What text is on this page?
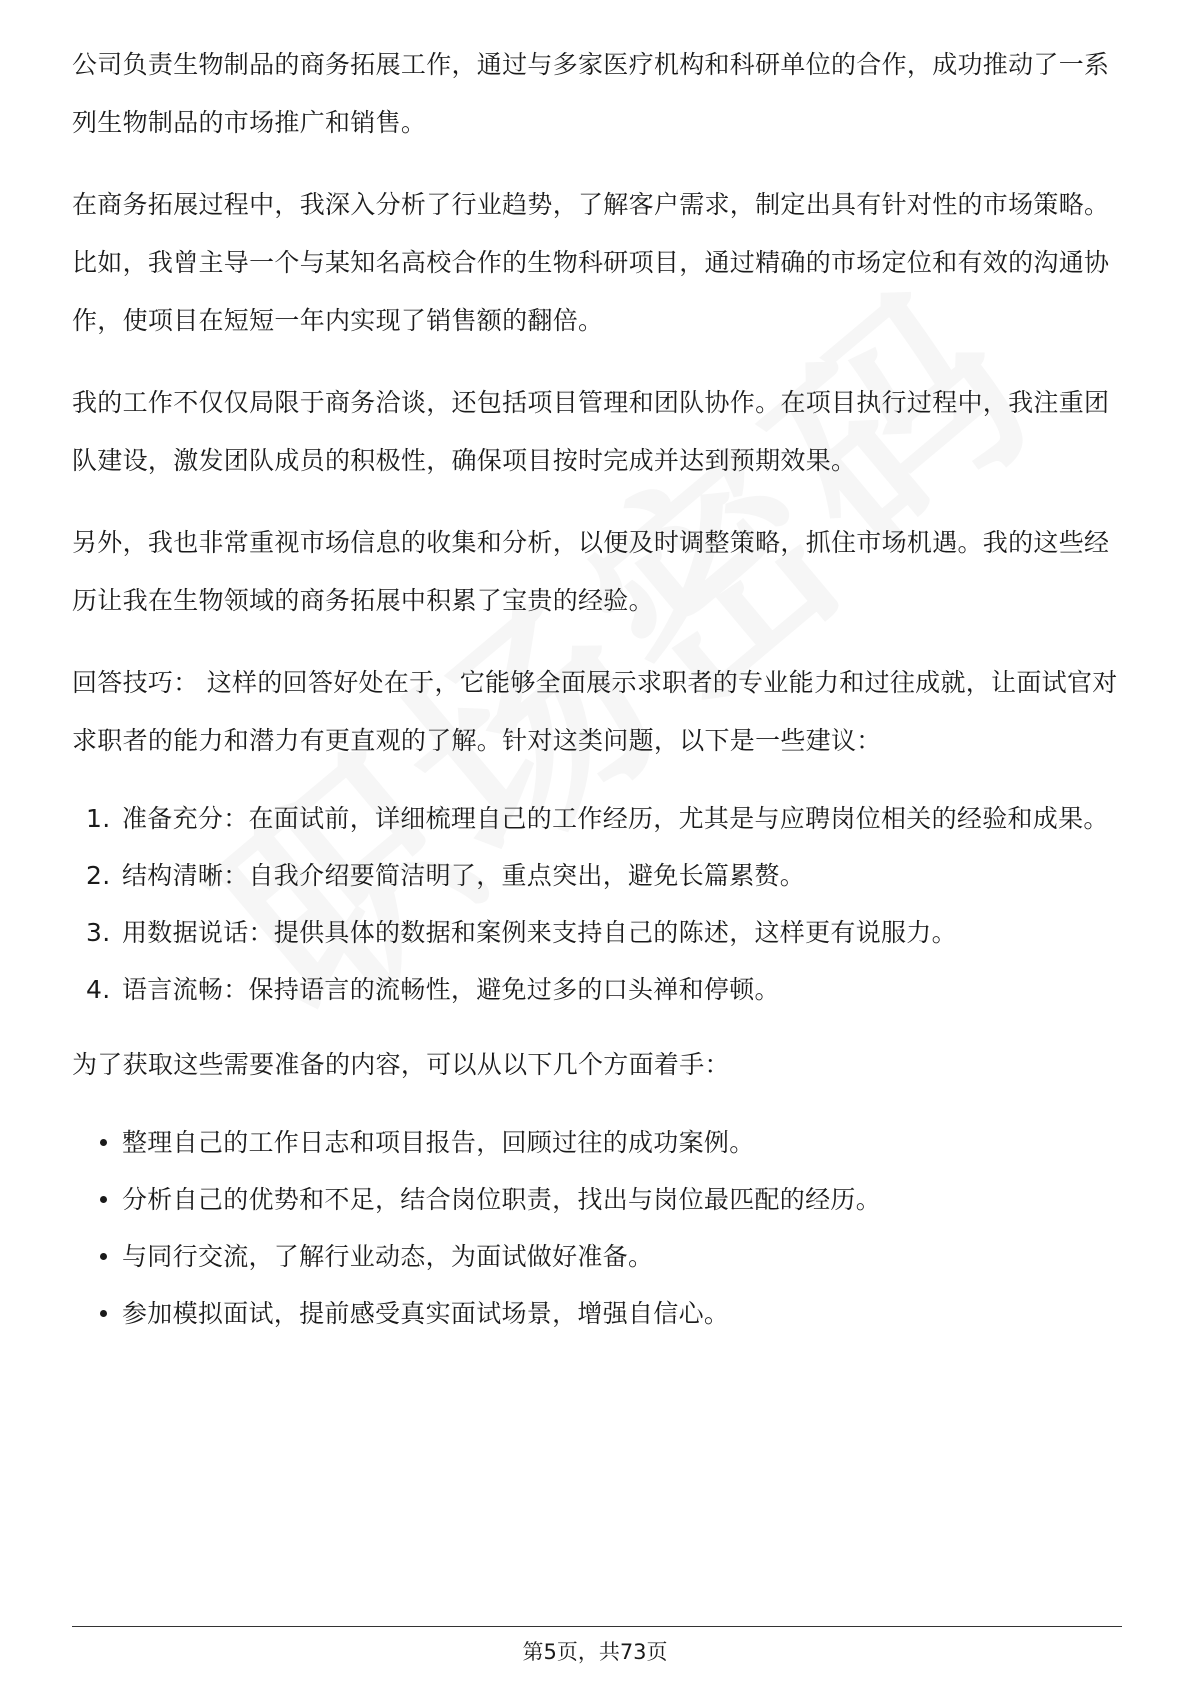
公司负责生物制品的商务拓展工作，通过与多家医疗机构和科研单位的合作，成功推动了一系列生物制品的市场推广和销售。

在商务拓展过程中，我深入分析了行业趋势，了解客户需求，制定出具有针对性的市场策略。比如，我曾主导一个与某知名高校合作的生物科研项目，通过精确的市场定位和有效的沟通协作，使项目在短短一年内实现了销售额的翻倍。

我的工作不仅仅局限于商务洽谈，还包括项目管理和团队协作。在项目执行过程中，我注重团队建设，激发团队成员的积极性，确保项目按时完成并达到预期效果。

另外，我也非常重视市场信息的收集和分析，以便及时调整策略，抓住市场机遇。我的这些经历让我在生物领域的商务拓展中积累了宝贵的经验。

回答技巧： 这样的回答好处在于，它能够全面展示求职者的专业能力和过往成就，让面试官对求职者的能力和潜力有更直观的了解。针对这类问题，以下是一些建议：

1. 准备充分：在面试前，详细梳理自己的工作经历，尤其是与应聘岗位相关的经验和成果。
2. 结构清晰：自我介绍要简洁明了，重点突出，避免长篇累赘。
3. 用数据说话：提供具体的数据和案例来支持自己的陈述，这样更有说服力。
4. 语言流畅：保持语言的流畅性，避免过多的口头禅和停顿。

为了获取这些需要准备的内容，可以从以下几个方面着手：

整理自己的工作日志和项目报告，回顾过往的成功案例。
分析自己的优势和不足，结合岗位职责，找出与岗位最匹配的经历。
与同行交流，了解行业动态，为面试做好准备。
参加模拟面试，提前感受真实面试场景，增强自信心。
第5页，共73页
